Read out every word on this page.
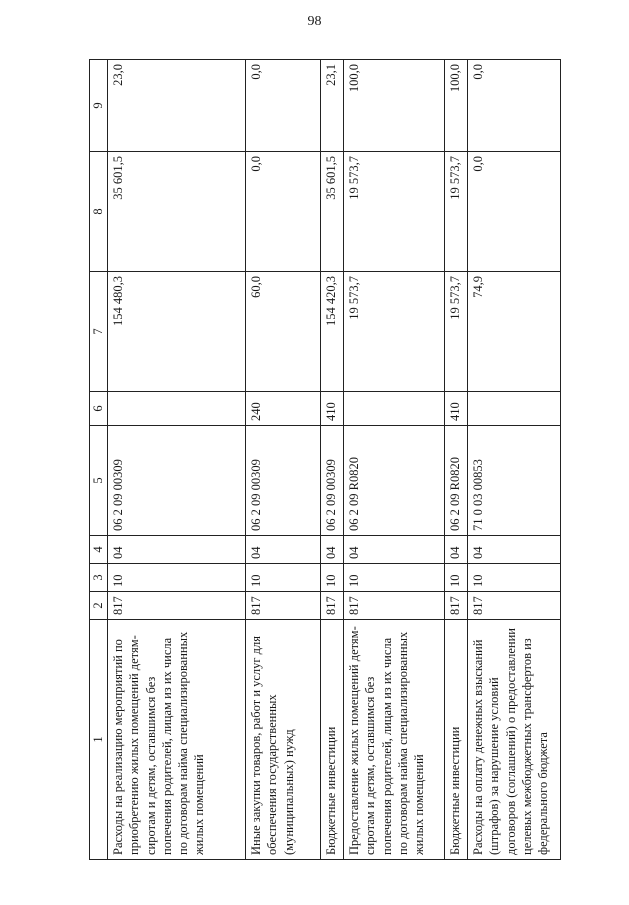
98
1	2	3	4	5	6	7	8	9
Расходы на реализацию мероприятий по приобретению жилых помещений детям-сиротам и детям, оставшимся без попечения родителей, лицам из их числа по договорам найма специализированных жилых помещений	817	10	04	06 2 09 00309		154 480,3	35 601,5	23,0
Иные закупки товаров, работ и услуг для обеспечения государственных (муниципальных) нужд	817	10	04	06 2 09 00309	240	60,0	0,0	0,0
Бюджетные инвестиции	817	10	04	06 2 09 00309	410	154 420,3	35 601,5	23,1
Предоставление жилых помещений детям-сиротам и детям, оставшимся без попечения родителей, лицам из их числа по договорам найма специализированных жилых помещений	817	10	04	06 2 09 R0820		19 573,7	19 573,7	100,0
Бюджетные инвестиции	817	10	04	06 2 09 R0820	410	19 573,7	19 573,7	100,0
Расходы на оплату денежных взысканий (штрафов) за нарушение условий договоров (соглашений) о предоставлении целевых межбюджетных трансфертов из федерального бюджета	817	10	04	71 0 03 00853		74,9	0,0	0,0
